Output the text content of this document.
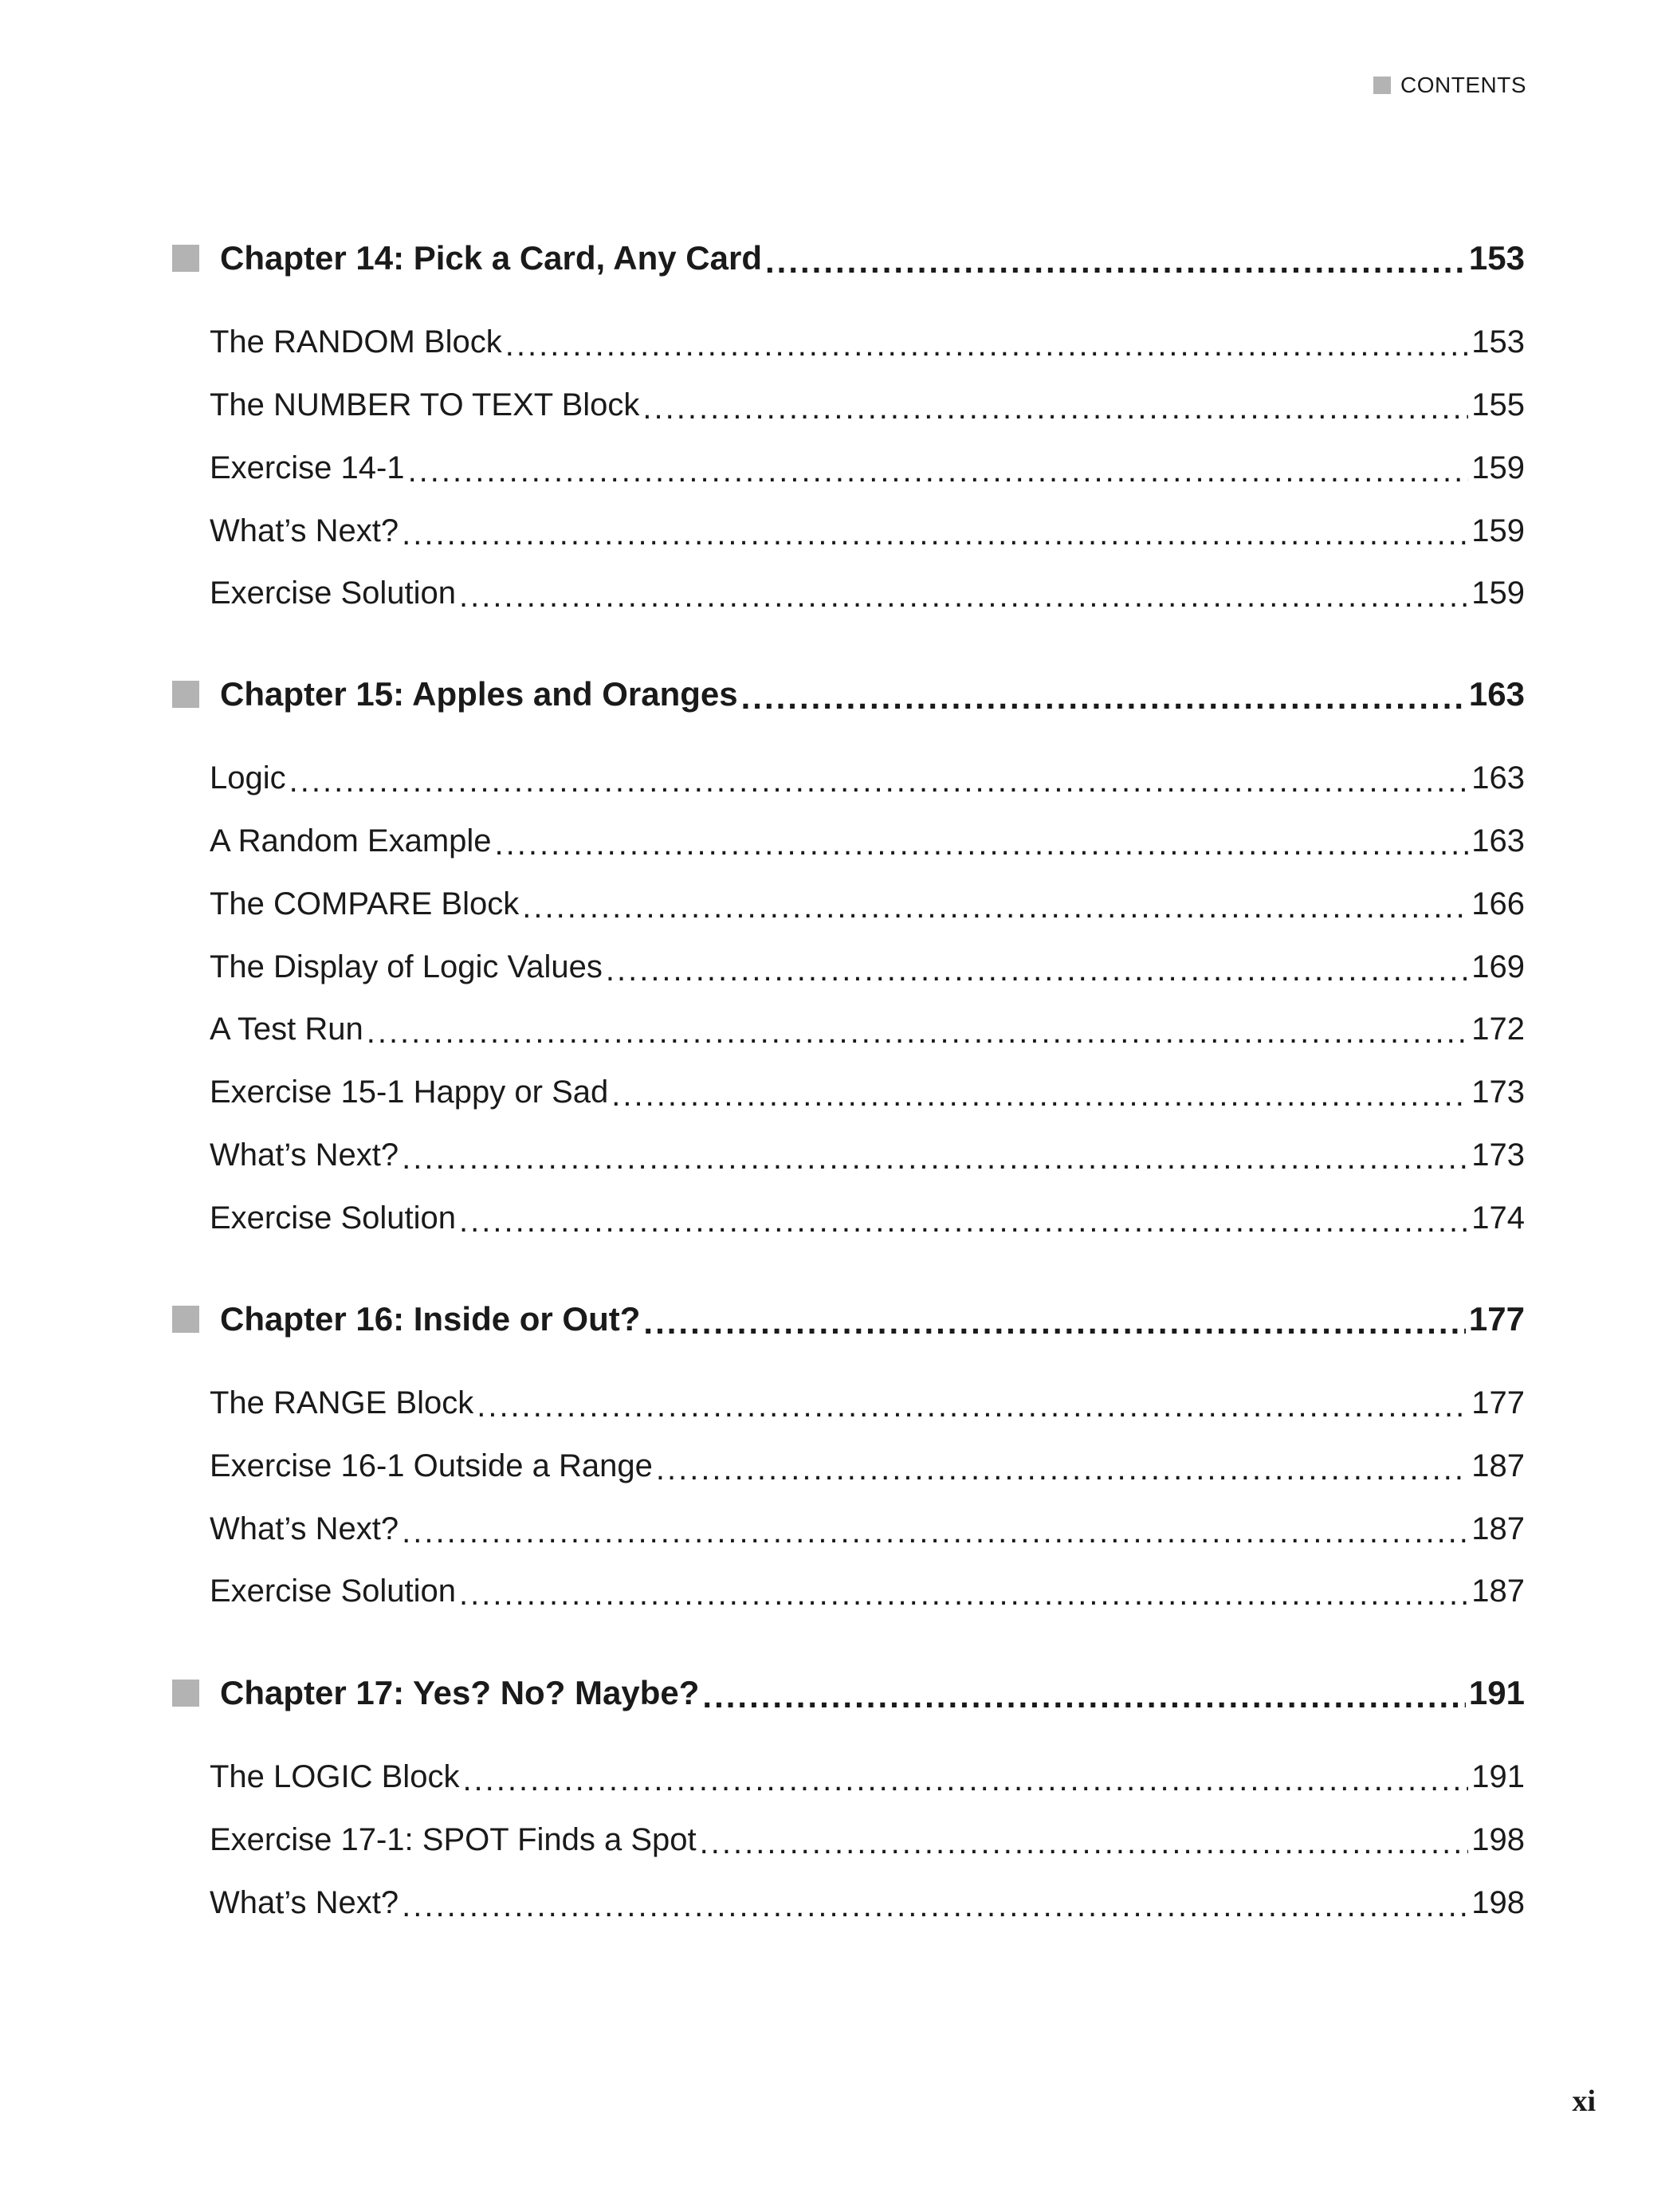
CONTENTS
Chapter 14: Pick a Card, Any Card .....	153
The RANDOM Block .....	153
The NUMBER TO TEXT Block .....	155
Exercise 14-1 .....	159
What’s Next? .....	159
Exercise Solution .....	159
Chapter 15: Apples and Oranges .....	163
Logic .....	163
A Random Example .....	163
The COMPARE Block .....	166
The Display of Logic Values .....	169
A Test Run .....	172
Exercise 15-1 Happy or Sad .....	173
What’s Next? .....	173
Exercise Solution .....	174
Chapter 16: Inside or Out? .....	177
The RANGE Block .....	177
Exercise 16-1 Outside a Range .....	187
What’s Next? .....	187
Exercise Solution .....	187
Chapter 17: Yes? No? Maybe? .....	191
The LOGIC Block .....	191
Exercise 17-1: SPOT Finds a Spot .....	198
What’s Next? .....	198
xi
